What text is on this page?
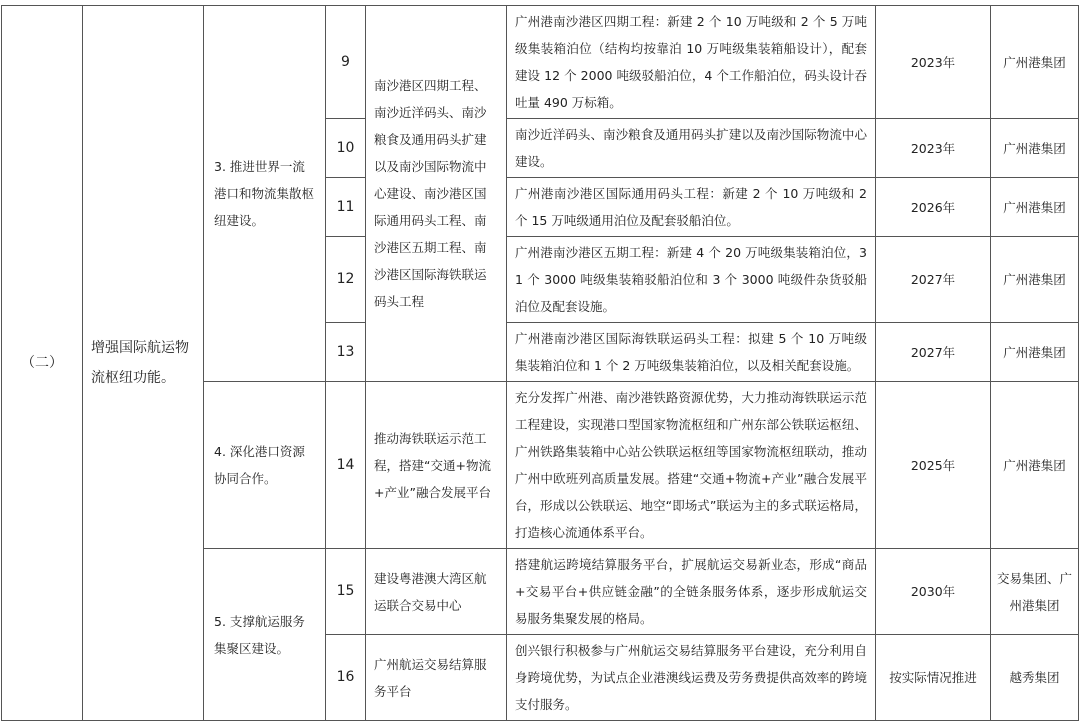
（二）	增强国际航运物流枢纽功能。	3. 推进世界一流港口和物流集散枢纽建设。	9	南沙港区四期工程、南沙近洋码头、南沙粮食及通用码头扩建以及南沙国际物流中心建设、南沙港区国际通用码头工程、南沙港区五期工程、南沙港区国际海铁联运码头工程	广州港南沙港区四期工程：新建 2 个 10 万吨级和 2 个 5 万吨级集装箱泊位（结构均按靠泊 10 万吨级集装箱船设计），配套建设 12 个 2000 吨级驳船泊位，4 个工作船泊位，码头设计吞吐量 490 万标箱。	2023年	广州港集团
			10		南沙近洋码头、南沙粮食及通用码头扩建以及南沙国际物流中心建设。	2023年	广州港集团
			11		广州港南沙港区国际通用码头工程：新建 2 个 10 万吨级和 2 个 15 万吨级通用泊位及配套驳船泊位。	2026年	广州港集团
			12		广州港南沙港区五期工程：新建 4 个 20 万吨级集装箱泊位，31 个 3000 吨级集装箱驳船泊位和 3 个 3000 吨级件杂货驳船泊位及配套设施。	2027年	广州港集团
			13		广州港南沙港区国际海铁联运码头工程：拟建 5 个 10 万吨级集装箱泊位和 1 个 2 万吨级集装箱泊位，以及相关配套设施。	2027年	广州港集团
		4. 深化港口资源协同合作。	14	推动海铁联运示范工程，搭建“交通+物流+产业”融合发展平台	充分发挥广州港、南沙港铁路资源优势，大力推动海铁联运示范工程建设，实现港口型国家物流枢纽和广州东部公铁联运枢纽、广州铁路集装箱中心站公铁联运枢纽等国家物流枢纽联动，推动广州中欧班列高质量发展。搭建“交通+物流+产业”融合发展平台，形成以公铁联运、地空“即场式”联运为主的多式联运格局，打造核心流通体系平台。	2025年	广州港集团
		5. 支撑航运服务集聚区建设。	15	建设粤港澳大湾区航运联合交易中心	搭建航运跨境结算服务平台，扩展航运交易新业态，形成“商品+交易平台+供应链金融”的全链条服务体系，逐步形成航运交易服务集聚发展的格局。	2030年	交易集团、广州港集团
			16	广州航运交易结算服务平台	创兴银行积极参与广州航运交易结算服务平台建设，充分利用自身跨境优势，为试点企业港澳线运费及劳务费提供高效率的跨境支付服务。	按实际情况推进	越秀集团
